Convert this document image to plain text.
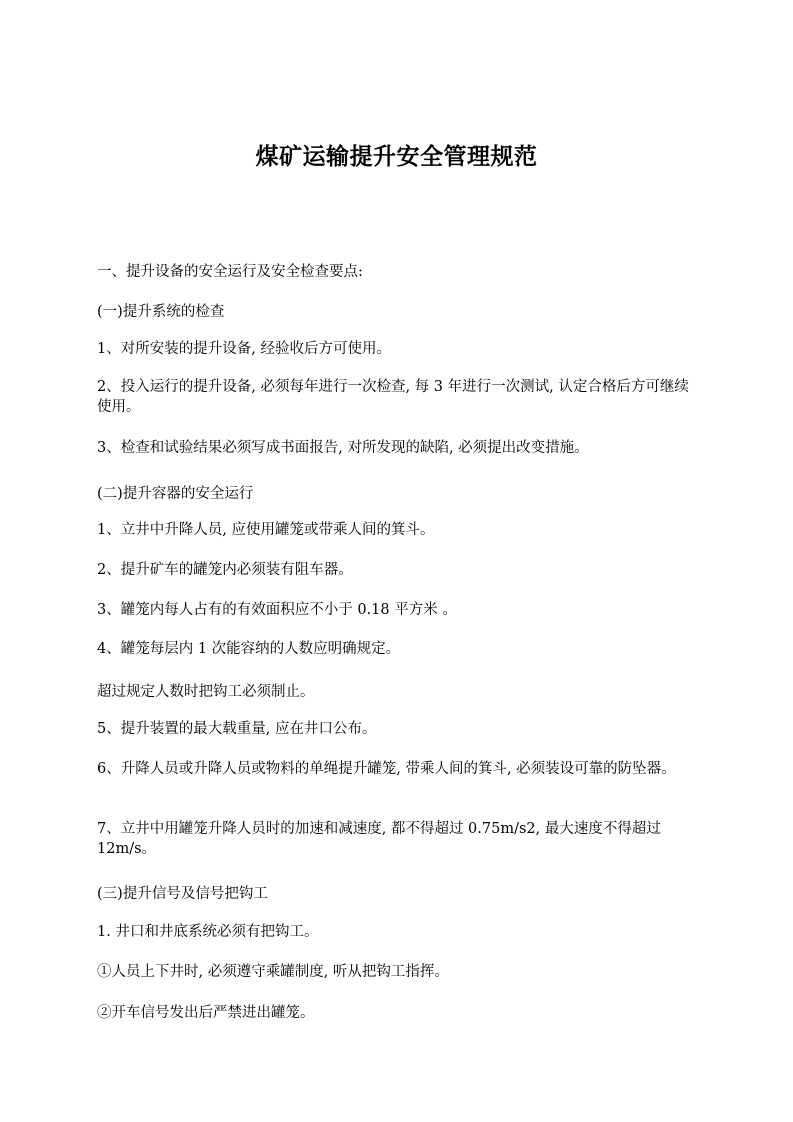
煤矿运输提升安全管理规范

一、提升设备的安全运行及安全检查要点:

(一)提升系统的检查

1、对所安装的提升设备, 经验收后方可使用。

2、投入运行的提升设备, 必须每年进行一次检查, 每 3 年进行一次测试, 认定合格后方可继续使用。

3、检查和试验结果必须写成书面报告, 对所发现的缺陷, 必须提出改变措施。

(二)提升容器的安全运行

1、立井中升降人员, 应使用罐笼或带乘人间的箕斗。

2、提升矿车的罐笼内必须装有阻车器。

3、罐笼内每人占有的有效面积应不小于 0.18 平方米 。

4、罐笼每层内 1 次能容纳的人数应明确规定。

超过规定人数时把钩工必须制止。

5、提升装置的最大载重量, 应在井口公布。

6、升降人员或升降人员或物料的单绳提升罐笼, 带乘人间的箕斗, 必须装设可靠的防坠器。

7、立井中用罐笼升降人员时的加速和减速度, 都不得超过 0.75m/s2, 最大速度不得超过 12m/s。

(三)提升信号及信号把钩工

1. 井口和井底系统必须有把钩工。

①人员上下井时, 必须遵守乘罐制度, 听从把钩工指挥。

②开车信号发出后严禁进出罐笼。
